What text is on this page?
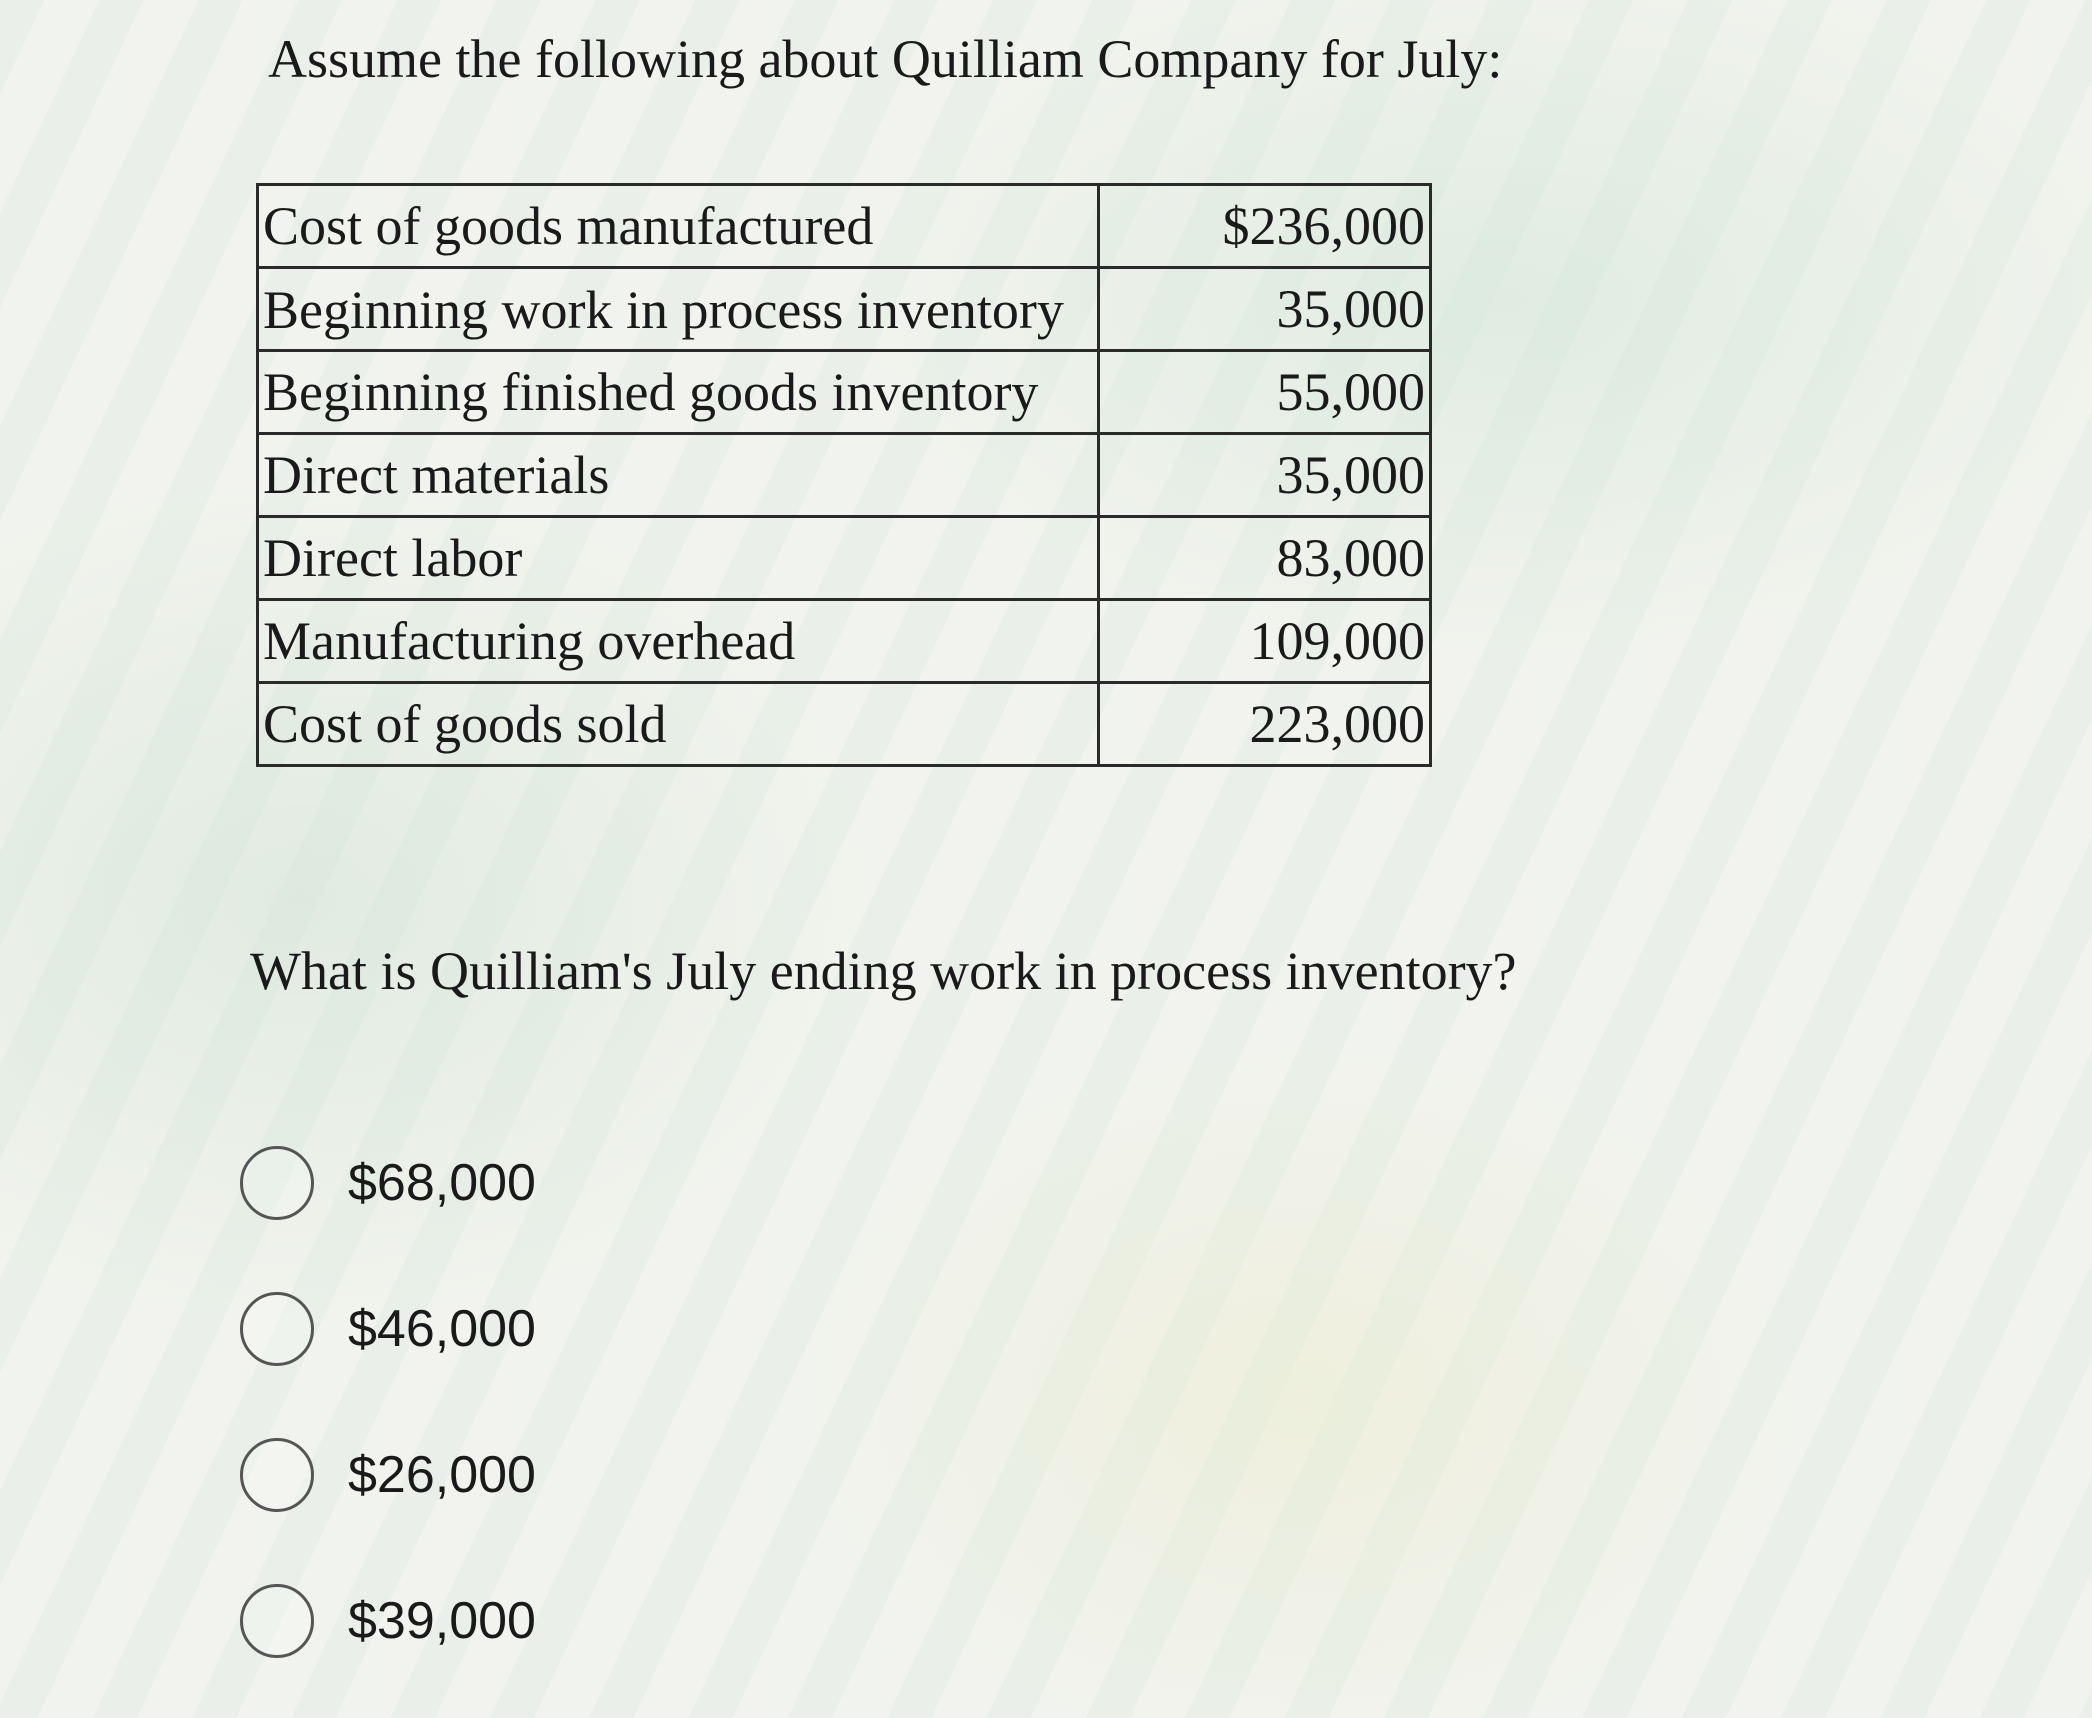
Assume the following about Quilliam Company for July:
Cost of goods manufactured	$236,000
Beginning work in process inventory	35,000
Beginning finished goods inventory	55,000
Direct materials	35,000
Direct labor	83,000
Manufacturing overhead	109,000
Cost of goods sold	223,000
What is Quilliam's July ending work in process inventory?
$68,000
$46,000
$26,000
$39,000
